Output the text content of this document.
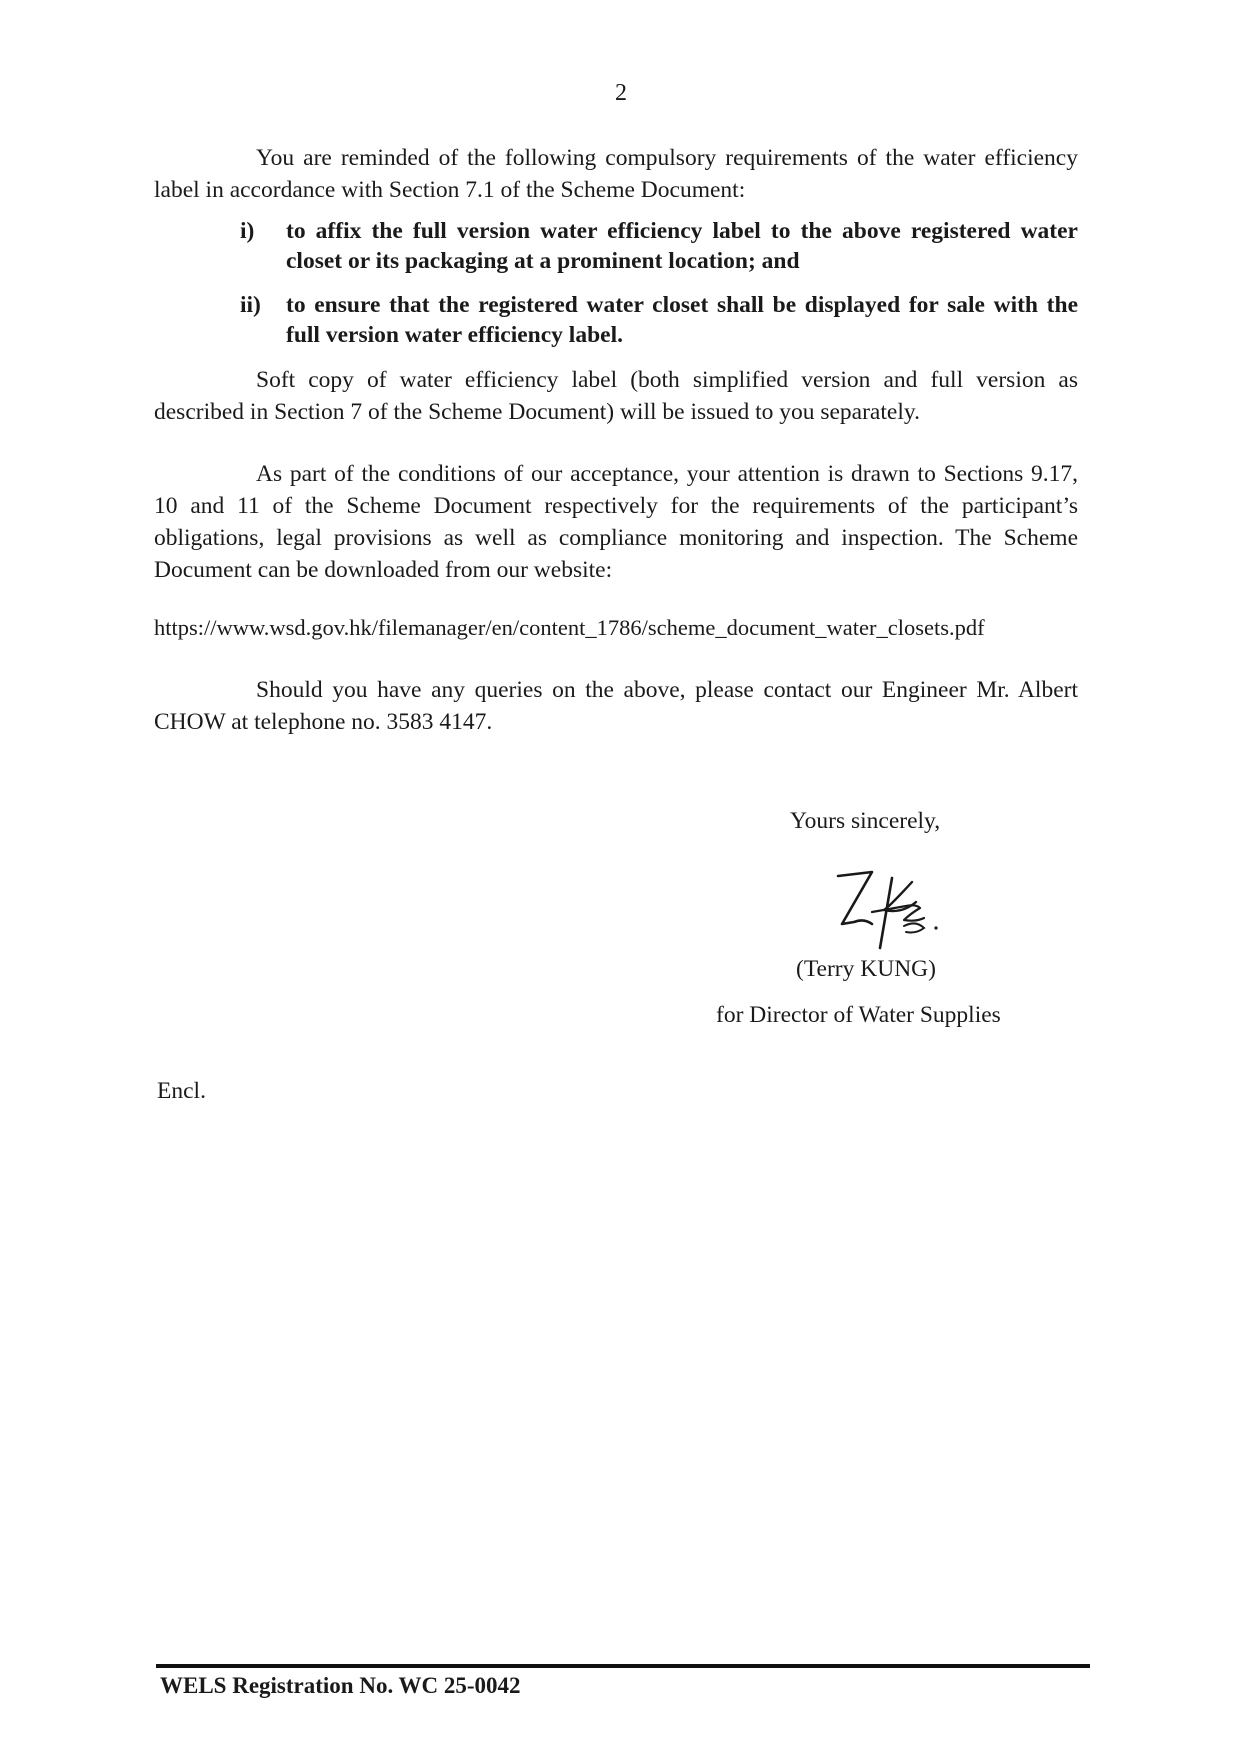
2

You are reminded of the following compulsory requirements of the water efficiency label in accordance with Section 7.1 of the Scheme Document:

i)	to affix the full version water efficiency label to the above registered water closet or its packaging at a prominent location; and
ii)	to ensure that the registered water closet shall be displayed for sale with the full version water efficiency label.

Soft copy of water efficiency label (both simplified version and full version as described in Section 7 of the Scheme Document) will be issued to you separately.

As part of the conditions of our acceptance, your attention is drawn to Sections 9.17, 10 and 11 of the Scheme Document respectively for the requirements of the participant’s obligations, legal provisions as well as compliance monitoring and inspection. The Scheme Document can be downloaded from our website:

https://www.wsd.gov.hk/filemanager/en/content_1786/scheme_document_water_closets.pdf

Should you have any queries on the above, please contact our Engineer Mr. Albert CHOW at telephone no. 3583 4147.

Yours sincerely,
(Terry KUNG)
for Director of Water Supplies
Encl.
WELS Registration No. WC 25-0042
